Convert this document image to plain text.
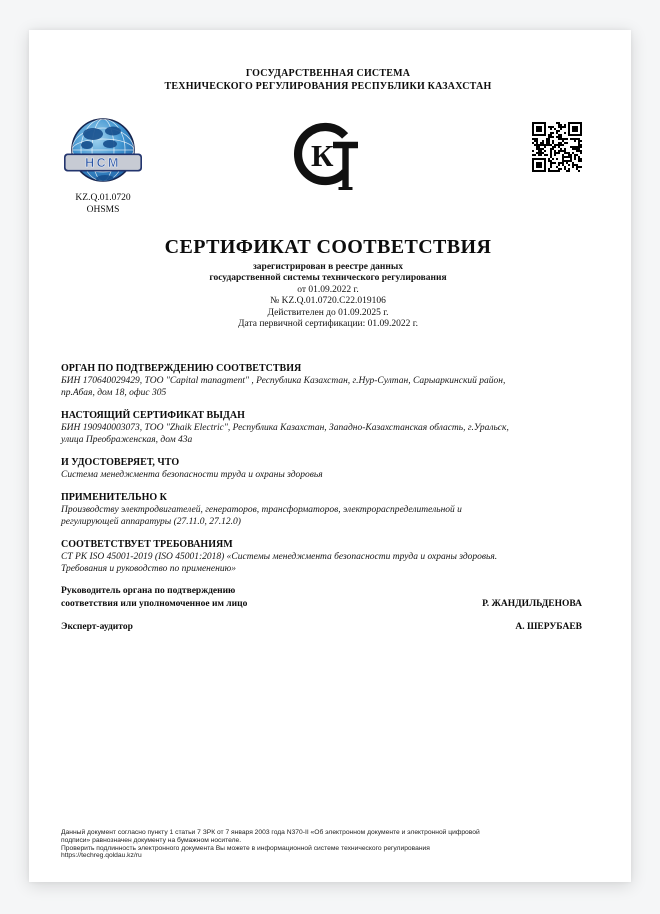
ГОСУДАРСТВЕННАЯ СИСТЕМА
ТЕХНИЧЕСКОГО РЕГУЛИРОВАНИЯ РЕСПУБЛИКИ КАЗАХСТАН
НСМ
KZ.Q.01.0720
OHSMS
К
СЕРТИФИКАТ СООТВЕТСТВИЯ
зарегистрирован в реестре данных
государственной системы технического регулирования
от 01.09.2022 г.
№ KZ.Q.01.0720.C22.019106
Действителен до 01.09.2025 г.
Дата первичной сертификации: 01.09.2022 г.
ОРГАН ПО ПОДТВЕРЖДЕНИЮ СООТВЕТСТВИЯ
БИН 170640029429, ТОО "Capital managment" , Республика Казахстан, г.Нур-Султан, Сарыаркинский район,
пр.Абая, дом 18, офис 305
НАСТОЯЩИЙ СЕРТИФИКАТ ВЫДАН
БИН 190940003073, ТОО "Zhaik Electric", Республика Казахстан, Западно-Казахстанская область, г.Уральск,
улица Преображенская, дом 43а
И УДОСТОВЕРЯЕТ, ЧТО
Система менеджмента безопасности труда и охраны здоровья
ПРИМЕНИТЕЛЬНО К
Производству электродвигателей, генераторов, трансформаторов, электрораспределительной и
регулирующей аппаратуры (27.11.0, 27.12.0)
СООТВЕТСТВУЕТ ТРЕБОВАНИЯМ
СТ РК ISO 45001-2019 (ISO 45001:2018) «Системы менеджмента безопасности труда и охраны здоровья.
Требования и руководство по применению»
Руководитель органа по подтверждению
соответствия или уполномоченное им лицо	Р. ЖАНДИЛЬДЕНОВА
Эксперт-аудитор	А. ШЕРУБАЕВ
Данный документ согласно пункту 1 статьи 7 ЗРК от 7 января 2003 года N370-II «Об электронном документе и электронной цифровой
подписи» равнозначен документу на бумажном носителе.
Проверить подлинность электронного документа Вы можете в информационной системе технического регулирования
https://techreg.qoldau.kz/ru
